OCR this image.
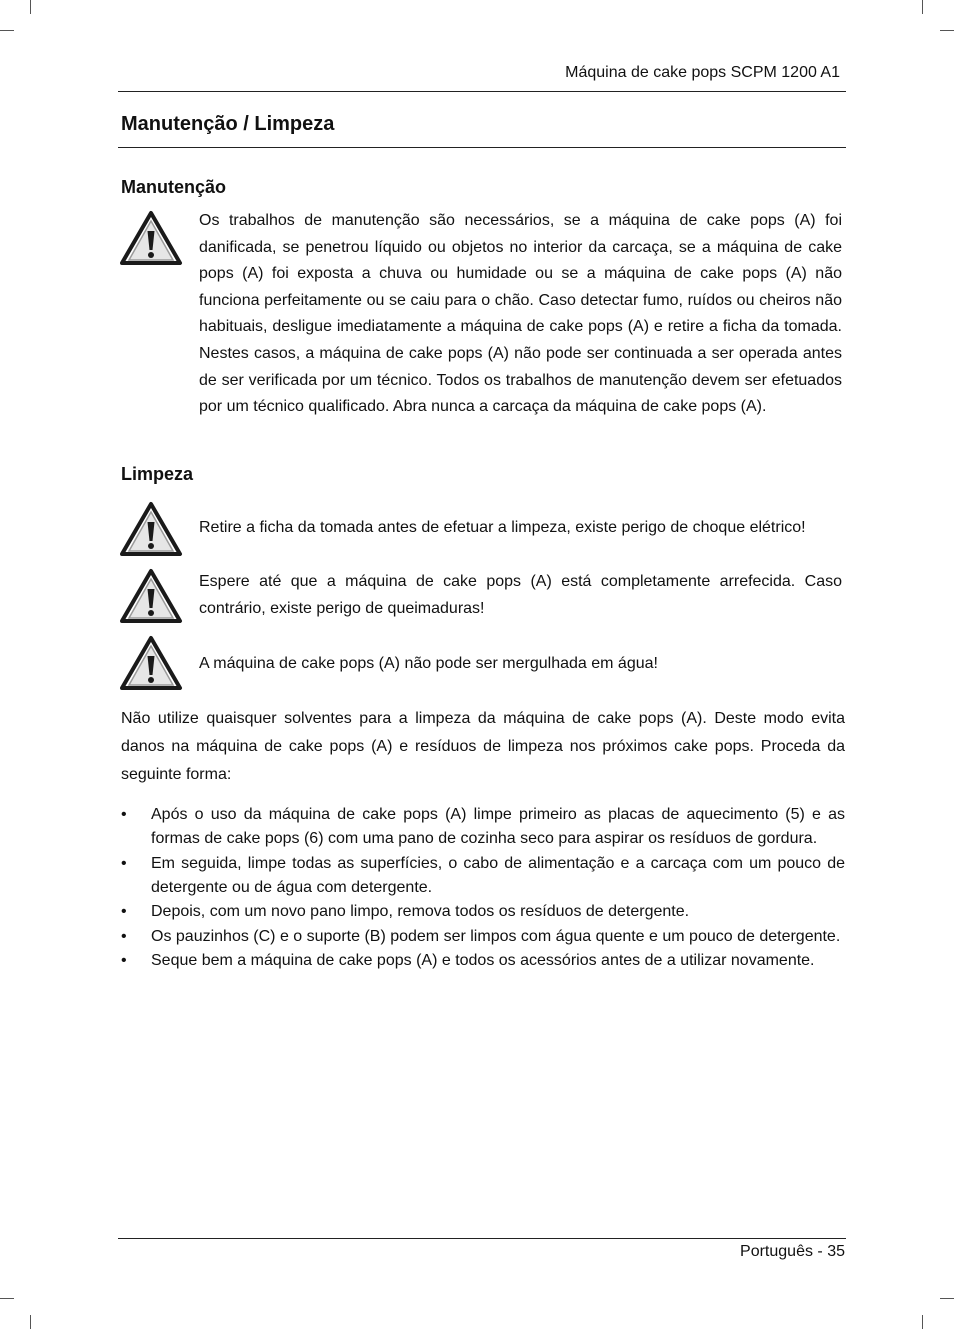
Máquina de cake pops SCPM 1200 A1
Manutenção / Limpeza
Manutenção

Os trabalhos de manutenção são necessários, se a máquina de cake pops (A) foi danificada, se penetrou líquido ou objetos no interior da carcaça, se a máquina de cake pops (A) foi exposta a chuva ou humidade ou se a máquina de cake pops (A) não funciona perfeitamente ou se caiu para o chão. Caso detectar fumo, ruídos ou cheiros não habituais, desligue imediatamente a máquina de cake pops (A) e retire a ficha da tomada. Nestes casos, a máquina de cake pops (A) não pode ser continuada a ser operada antes de ser verificada por um técnico. Todos os trabalhos de manutenção devem ser efetuados por um técnico qualificado. Abra nunca a carcaça da máquina de cake pops (A).

Limpeza

Retire a ficha da tomada antes de efetuar a limpeza, existe perigo de choque elétrico!

Espere até que a máquina de cake pops (A) está completamente arrefecida. Caso contrário, existe perigo de queimaduras!

A máquina de cake pops (A) não pode ser mergulhada em água!

Não utilize quaisquer solventes para a limpeza da máquina de cake pops (A). Deste modo evita danos na máquina de cake pops (A) e resíduos de limpeza nos próximos cake pops. Proceda da seguinte forma:

• Após o uso da máquina de cake pops (A) limpe primeiro as placas de aquecimento (5) e as formas de cake pops (6) com uma pano de cozinha seco para aspirar os resíduos de gordura.
• Em seguida, limpe todas as superfícies, o cabo de alimentação e a carcaça com um pouco de detergente ou de água com detergente.
• Depois, com um novo pano limpo, remova todos os resíduos de detergente.
• Os pauzinhos (C) e o suporte (B) podem ser limpos com água quente e um pouco de detergente.
• Seque bem a máquina de cake pops (A) e todos os acessórios antes de a utilizar novamente.
Português - 35
